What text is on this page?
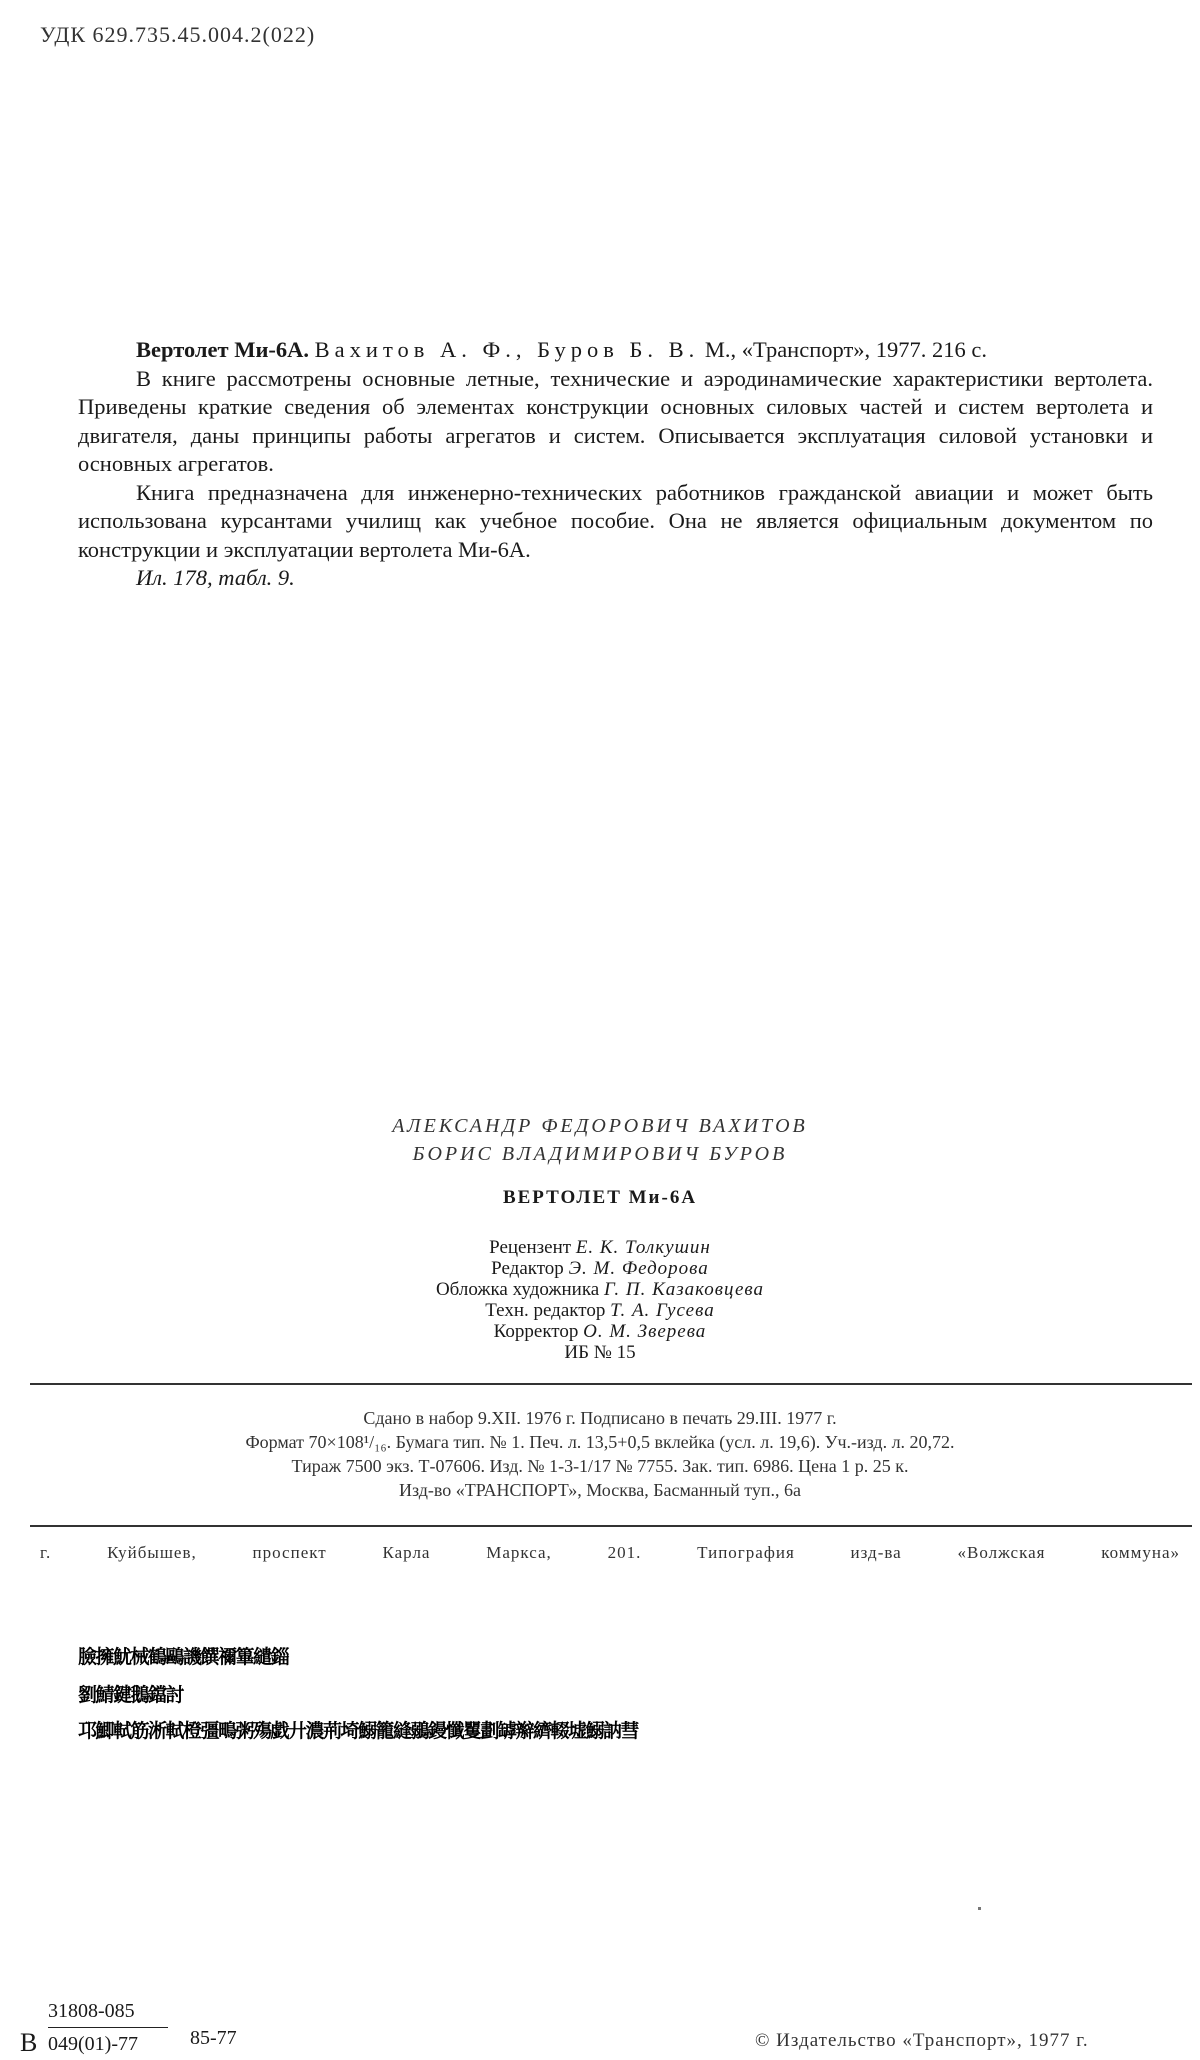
УДК 629.735.45.004.2(022)

Вертолет Ми-6А. Вахитов А. Ф., Буров Б. В. М., «Транспорт», 1977. 216 с.

В книге рассмотрены основные летные, технические и аэродинамические характеристики вертолета. Приведены краткие сведения об элементах конструкции основных силовых частей и систем вертолета и двигателя, даны принципы работы агрегатов и систем. Описывается эксплуатация силовой установки и основных агрегатов.

Книга предназначена для инженерно-технических работников гражданской авиации и может быть использована курсантами училищ как учебное пособие. Она не является официальным документом по конструкции и эксплуатации вертолета Ми-6А.

Ил. 178, табл. 9.

АЛЕКСАНДР ФЕДОРОВИЧ ВАХИТОВ
БОРИС ВЛАДИМИРОВИЧ БУРОВ
ВЕРТОЛЕТ Ми-6А
Рецензент Е. К. Толкушин
Редактор Э. М. Федорова
Обложка художника Г. П. Казаковцева
Техн. редактор Т. А. Гусева
Корректор О. М. Зверева
ИБ № 15
Сдано в набор 9.XII. 1976 г. Подписано в печать 29.III. 1977 г.
Формат 70×108¹/₁₆. Бумага тип. № 1. Печ. л. 13,5+0,5 вклейка (усл. л. 19,6). Уч.-изд. л. 20,72.
Тираж 7500 экз. Т-07606. Изд. № 1-3-1/17 № 7755. Зак. тип. 6986. Цена 1 р. 25 к.
Изд-во «ТРАНСПОРТ», Москва, Басманный туп., 6а
г. Куйбышев, проспект Карла Маркса, 201. Типография изд-ва «Волжская коммуна»
臉擁魷械鶴鷗譏饌禰篳繾錙
劉鯖鍵鵝鐺討
邛鯽軾筋淅軾橙彊鴫粥殤戯廾濃荊埼鰯籠縫鶸鏝懺矍劃罅辮纃輟墟鰯訥彗
В $\frac{31808-085}{049(01)-77} 85-77$	© Издательство «Транспорт», 1977 г.
